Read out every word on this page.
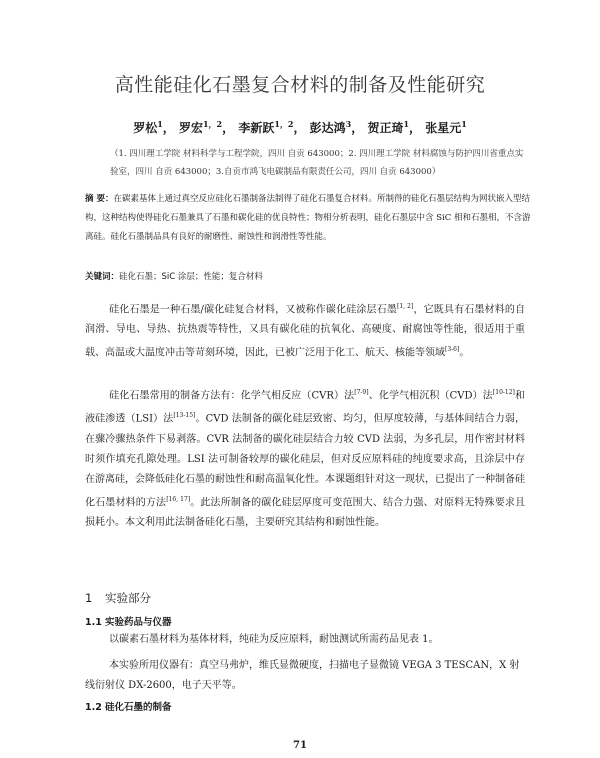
高性能硅化石墨复合材料的制备及性能研究
罗松$^1$， 罗宏$^{1,2}$， 李新跃$^{1,2}$， 彭达鸿$^3$， 贺正琦$^1$， 张星元$^1$
（1. 四川理工学院 材料科学与工程学院，四川 自贡 643000；2. 四川理工学院 材料腐蚀与防护四川省重点实验室，四川 自贡 643000；3.自贡市鸿飞电碳制品有限责任公司，四川 自贡 643000）
摘 要：在碳素基体上通过真空反应硅化石墨制备法制得了硅化石墨复合材料。所制得的硅化石墨层结构为网状嵌入型结构，这种结构使得硅化石墨兼具了石墨和碳化硅的优良特性；物相分析表明，硅化石墨层中含 SiC 相和石墨相，不含游离硅。硅化石墨制品具有良好的耐磨性、耐蚀性和润滑性等性能。
关键词：硅化石墨；SiC 涂层；性能；复合材料
硅化石墨是一种石墨/碳化硅复合材料，又被称作碳化硅涂层石墨[1, 2]，它既具有石墨材料的自润滑、导电、导热、抗热震等特性，又具有碳化硅的抗氧化、高硬度、耐腐蚀等性能，很适用于重载、高温或大温度冲击等苛刻环境，因此，已被广泛用于化工、航天、核能等领域[3-6]。
硅化石墨常用的制备方法有：化学气相反应（CVR）法[7-9]、化学气相沉积（CVD）法[10-12]和液硅渗透（LSI）法[13-15]。CVD 法制备的碳化硅层致密、均匀，但厚度较薄，与基体间结合力弱，在骤冷骤热条件下易剥落。CVR 法制备的碳化硅层结合力较 CVD 法弱，为多孔层，用作密封材料时须作填充孔隙处理。LSI 法可制备较厚的碳化硅层，但对反应原料硅的纯度要求高，且涂层中存在游离硅，会降低硅化石墨的耐蚀性和耐高温氧化性。本课题组针对这一现状，已提出了一种制备硅化石墨材料的方法[16, 17]。此法所制备的碳化硅层厚度可变范围大、结合力强、对原料无特殊要求且损耗小。本文利用此法制备硅化石墨，主要研究其结构和耐蚀性能。
1 实验部分
1.1 实验药品与仪器
以碳素石墨材料为基体材料，纯硅为反应原料，耐蚀测试所需药品见表 1。
本实验所用仪器有：真空马弗炉，维氏显微硬度，扫描电子显微镜 VEGA 3 TESCAN，X 射线衍射仪 DX-2600，电子天平等。
1.2 硅化石墨的制备
71
